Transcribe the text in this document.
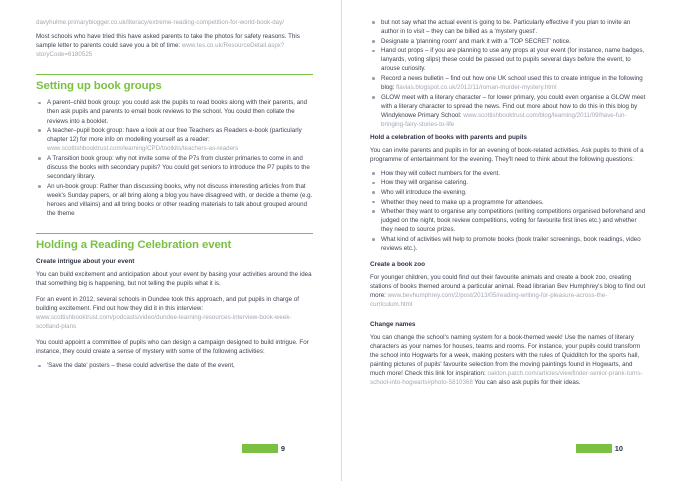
davyhulme.primaryblogger.co.uk/literacy/extreme-reading-competition-for-world-book-day/

Most schools who have tried this have asked parents to take the photos for safety reasons. This sample letter to parents could save you a bit of time: www.tes.co.uk/ResourceDetail.aspx?storyCode=6180525

Setting up book groups
A parent–child book group: you could ask the pupils to read books along with their parents, and then ask pupils and parents to email book reviews to the school. You could then collate the reviews into a booklet.
A teacher–pupil book group: have a look at our free Teachers as Readers e-book (particularly chapter 12) for more info on modelling yourself as a reader: www.scottishbooktrust.com/learning/CPD/toolkits/teachers-as-readers
A Transition book group: why not invite some of the P7s from cluster primaries to come in and discuss the books with secondary pupils? You could get seniors to introduce the P7 pupils to the secondary library.
An un-book group: Rather than discussing books, why not discuss interesting articles from that week's Sunday papers, or all bring along a blog you have disagreed with, or decide a theme (e.g. heroes and villains) and all bring books or other reading materials to talk about grouped around the theme
Holding a Reading Celebration event
Create intrigue about your event

You can build excitement and anticipation about your event by basing your activities around the idea that something big is happening, but not telling the pupils what it is.

For an event in 2012, several schools in Dundee took this approach, and put pupils in charge of building excitement. Find out how they did it in this interview: www.scottishbooktrust.com/podcasts/video/dundee-learning-resources-interview-book-week-scotland-plans

You could appoint a committee of pupils who can design a campaign designed to build intrigue. For instance, they could create a sense of mystery with some of the following activities:

'Save the date' posters – these could advertise the date of the event,
9
but not say what the actual event is going to be. Particularly effective if you plan to invite an author in to visit – they can be billed as a 'mystery guest'.
Designate a 'planning room' and mark it with a 'TOP SECRET' notice.
Hand out props – if you are planning to use any props at your event (for instance, name badges, lanyards, voting slips) these could be passed out to pupils several days before the event, to arouse curiosity.
Record a news bulletin – find out how one UK school used this to create intrigue in the following blog: flavias.blogspot.co.uk/2012/11/roman-murder-mystery.html
GLOW meet with a literary character – for lower primary, you could even organise a GLOW meet with a literary character to spread the news. Find out more about how to do this in this blog by Windyknowe Primary School: www.scottishbooktrust.com/blog/learning/2011/09/have-fun-bringing-fairy-stories-to-life
Hold a celebration of books with parents and pupils

You can invite parents and pupils in for an evening of book-related activities. Ask pupils to think of a programme of entertainment for the evening. They'll need to think about the following questions:

How they will collect numbers for the event.
How they will organise catering.
Who will introduce the evening.
Whether they need to make up a programme for attendees.
Whether they want to organise any competitions (writing competitions organised beforehand and judged on the night, book review competitions, voting for favourite first lines etc.) and whether they need to source prizes.
What kind of activities will help to promote books (book trailer screenings, book readings, video reviews etc.).
Create a book zoo

For younger children, you could find out their favourite animals and create a book zoo, creating stations of books themed around a particular animal. Read librarian Bev Humphrey's blog to find out more: www.bevhumphrey.com/2/post/2013/05/reading-writing-for-pleasure-across-the-curriculum.html

Change names

You can change the school's naming system for a book-themed week! Use the names of literary characters as your names for houses, teams and rooms. For instance, your pupils could transform the school into Hogwarts for a week, making posters with the rules of Quidditch for the sports hall, painting pictures of pupils' favourite selection from the moving paintings found in Hogwarts, and much more! Check this link for inspiration: oakton.patch.com/articles/viewfinder-senior-prank-turns-school-into-hogwarts#photo-5810368 You can also ask pupils for their ideas.

10
